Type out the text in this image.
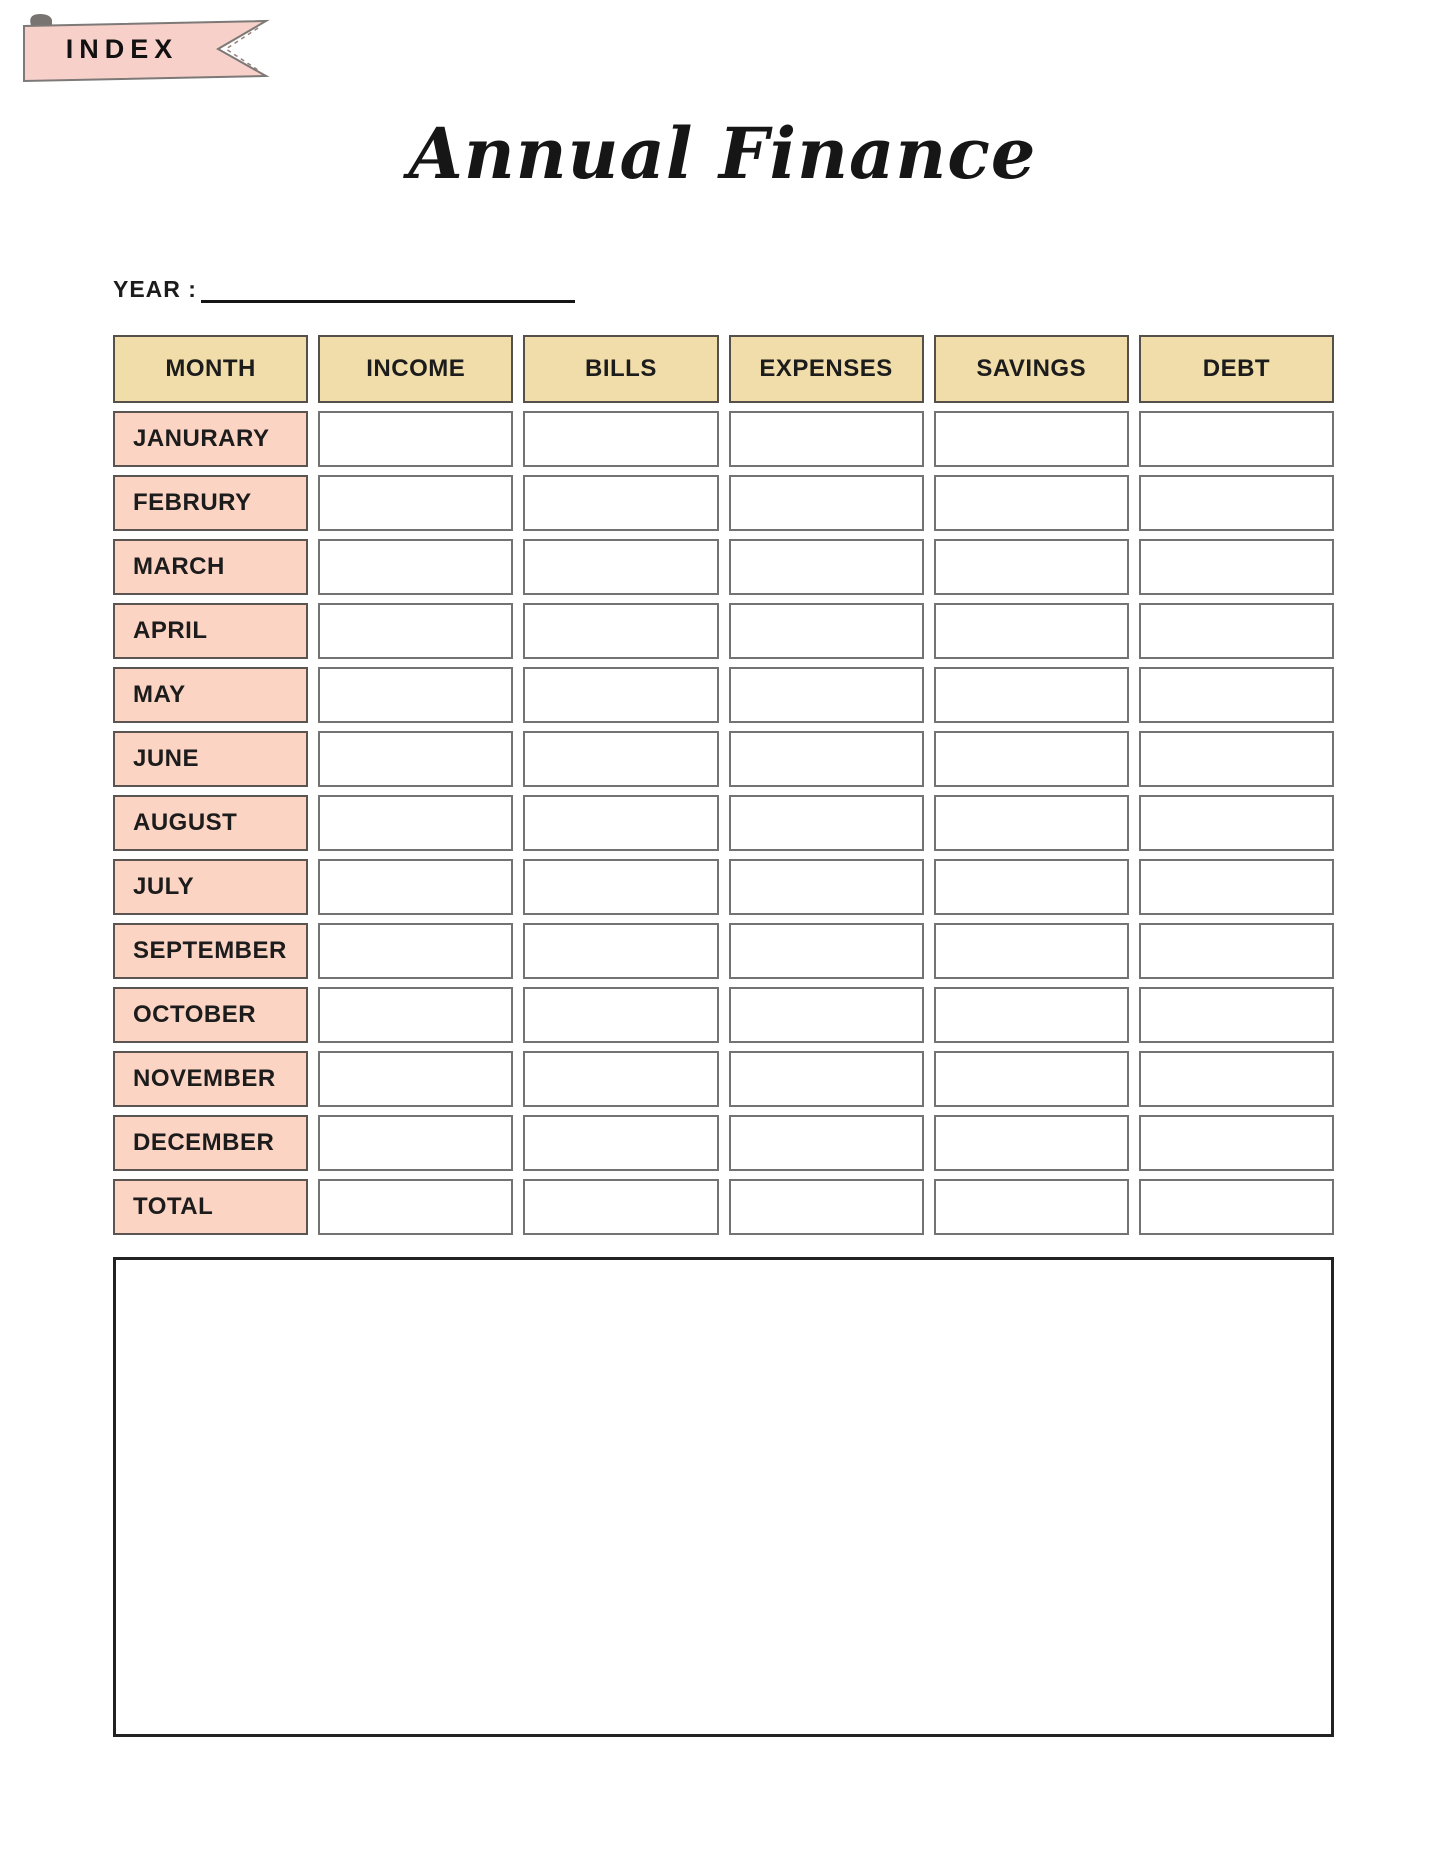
INDEX
Annual Finance
YEAR :
MONTH	INCOME	BILLS	EXPENSES	SAVINGS	DEBT
JANURARY
FEBRURY
MARCH
APRIL
MAY
JUNE
AUGUST
JULY
SEPTEMBER
OCTOBER
NOVEMBER
DECEMBER
TOTAL
